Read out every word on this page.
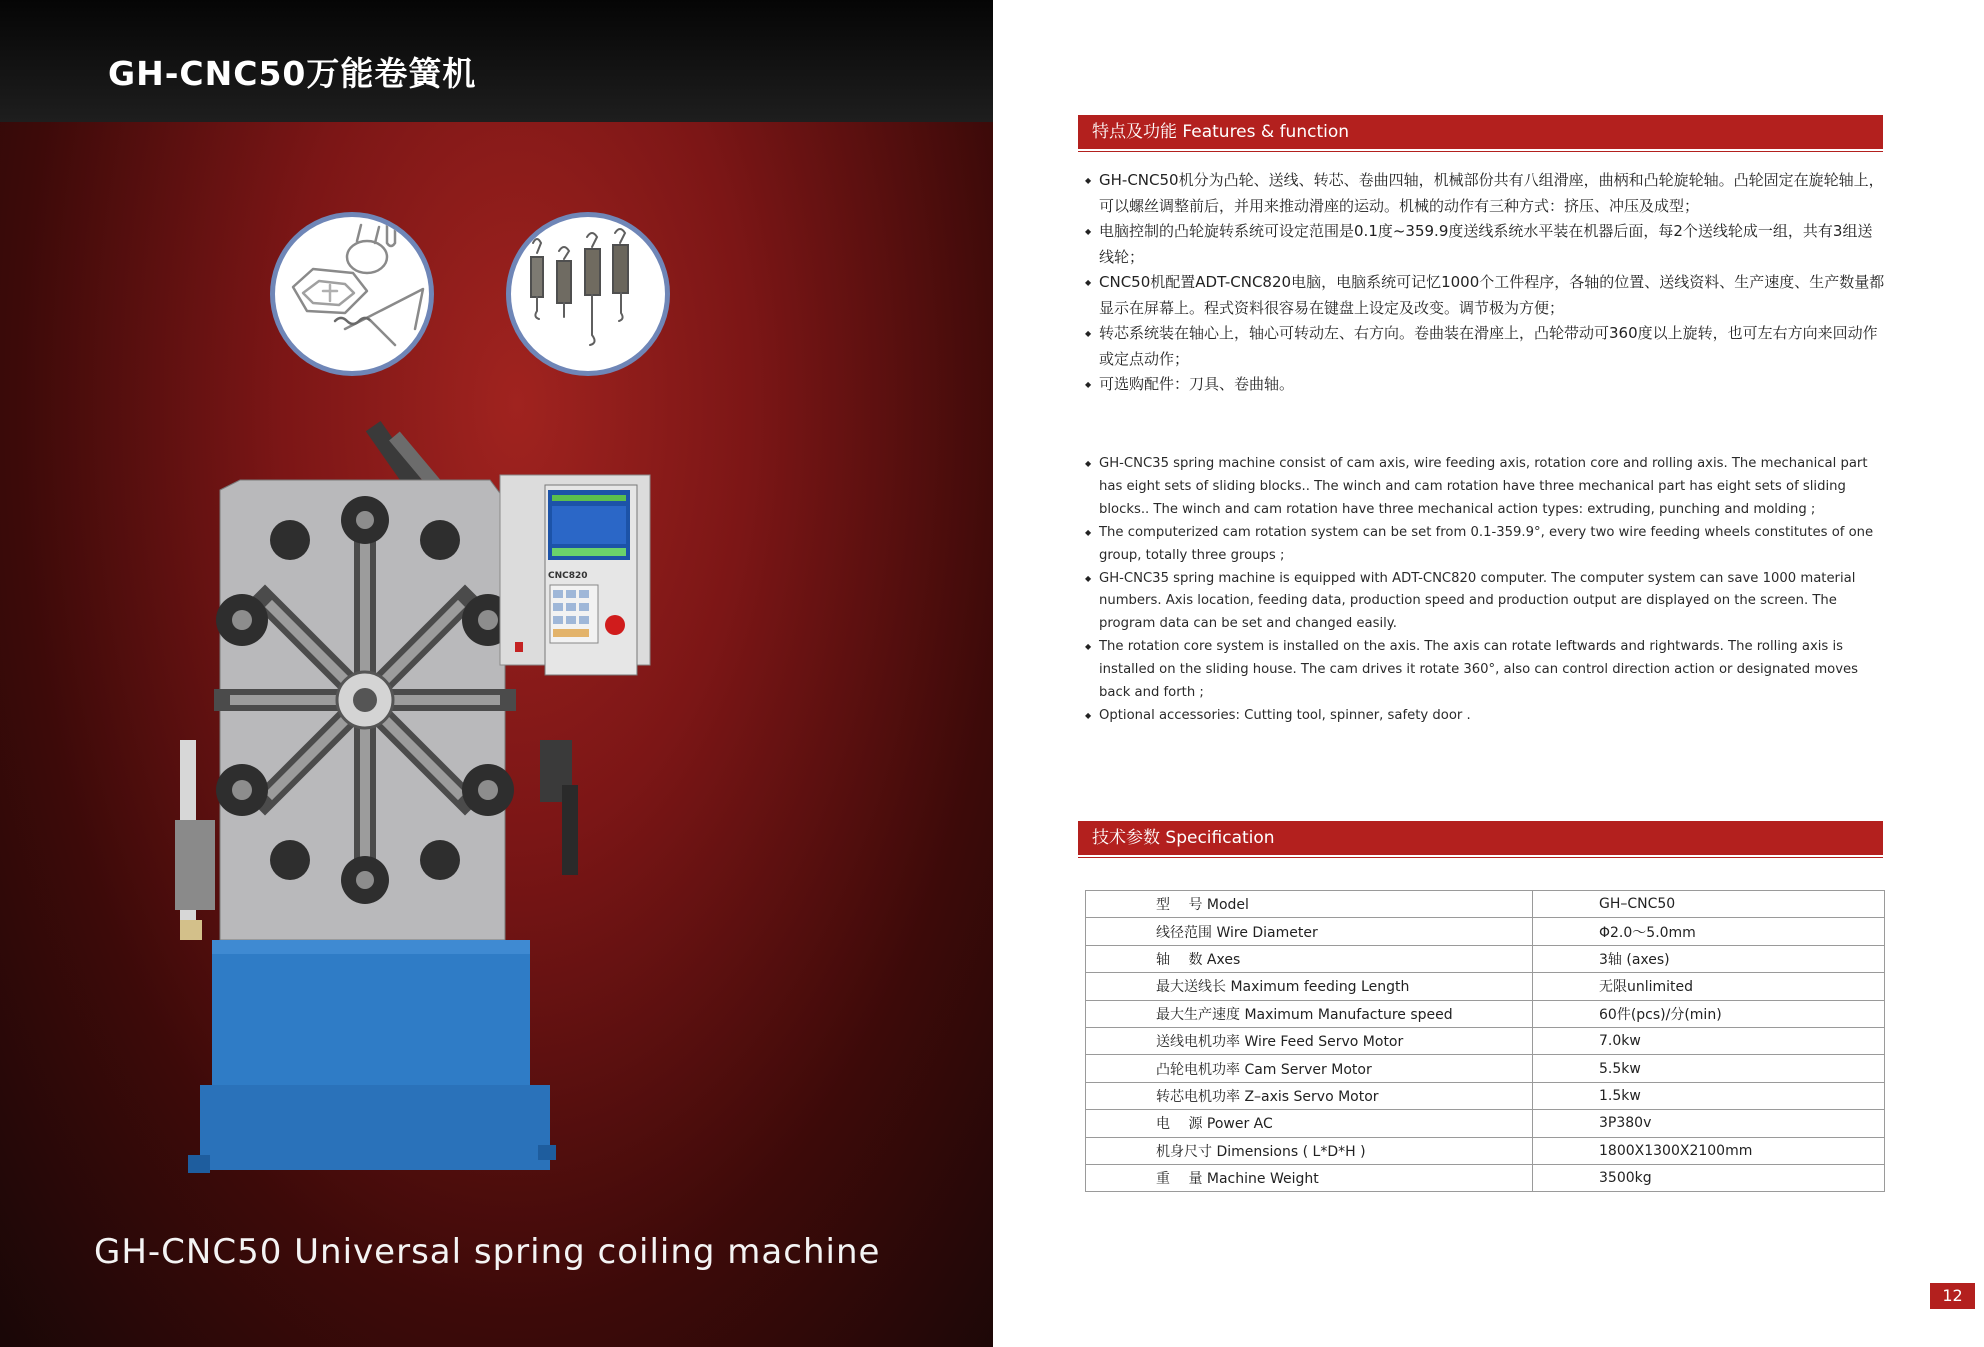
GH-CNC50万能卷簧机
CNC820
GH-CNC50 Universal spring coiling machine
特点及功能 Features & function
◆ GH-CNC50机分为凸轮、送线、转芯、卷曲四轴，机械部份共有八组滑座，曲柄和凸轮旋轮轴。凸轮固定在旋轮轴上，可以螺丝调整前后，并用来推动滑座的运动。机械的动作有三种方式：挤压、冲压及成型；
◆ 电脑控制的凸轮旋转系统可设定范围是0.1度~359.9度送线系统水平装在机器后面，每2个送线轮成一组，共有3组送线轮；
◆ CNC50机配置ADT-CNC820电脑，电脑系统可记忆1000个工件程序，各轴的位置、送线资料、生产速度、生产数量都显示在屏幕上。程式资料很容易在键盘上设定及改变。调节极为方便；
◆ 转芯系统装在轴心上，轴心可转动左、右方向。卷曲装在滑座上，凸轮带动可360度以上旋转，也可左右方向来回动作或定点动作；
◆ 可选购配件：刀具、卷曲轴。
◆ GH-CNC35 spring machine consist of cam axis, wire feeding axis, rotation core and rolling axis. The mechanical part has eight sets of sliding blocks.. The winch and cam rotation have three mechanical part has eight sets of sliding blocks.. The winch and cam rotation have three mechanical action types: extruding, punching and molding ;
◆ The computerized cam rotation system can be set from 0.1-359.9°, every two wire feeding wheels constitutes of one group, totally three groups ;
◆ GH-CNC35 spring machine is equipped with ADT-CNC820 computer. The computer system can save 1000 material numbers. Axis location, feeding data, production speed and production output are displayed on the screen. The program data can be set and changed easily.
◆ The rotation core system is installed on the axis. The axis can rotate leftwards and rightwards. The rolling axis is installed on the sliding house. The cam drives it rotate 360°, also can control direction action or designated moves back and forth ;
◆ Optional accessories: Cutting tool, spinner, safety door .
技术参数 Specification
型　 号 Model	GH–CNC50
线径范围 Wire Diameter	Φ2.0～5.0mm
轴　 数 Axes	3轴 (axes)
最大送线长 Maximum feeding Length	无限unlimited
最大生产速度 Maximum Manufacture speed	60件(pcs)/分(min)
送线电机功率 Wire Feed Servo Motor	7.0kw
凸轮电机功率 Cam Server Motor	5.5kw
转芯电机功率 Z–axis Servo Motor	1.5kw
电　 源 Power AC	3P380v
机身尺寸 Dimensions ( L*D*H )	1800X1300X2100mm
重　 量 Machine Weight	3500kg
12
